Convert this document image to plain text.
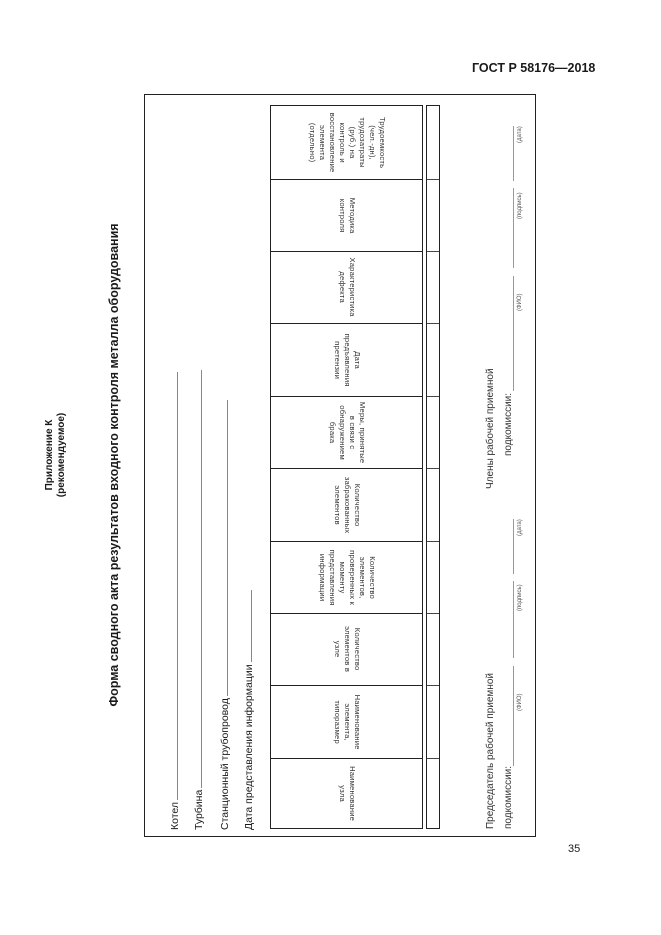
ГОСТ Р 58176—2018
Приложение К (рекомендуемое)	Форма сводного акта результатов входного контроля металла оборудования
Котел Турбина Станционный трубопровод Дата представления информации	Наименование узла
Наименование элемента, типоразмер
Количество элементов в узле
Количество элементов, проверенных к моменту представления информации
Количество забракованных элементов
Меры, принятые в связи с обнаружением брака
Дата предъявления претензии
Характеристика дефекта
Методика контроля
Трудоемкость (чел.-дн), трудозатраты (руб.) на контроль и восстановление элемента (отдельно)
Председатель рабочей приемной подкомиссии:
(ФИО)
(подпись)
(дата)
Члены рабочей приемной подкомиссии:
(ФИО)
(подпись)
(дата)
35
